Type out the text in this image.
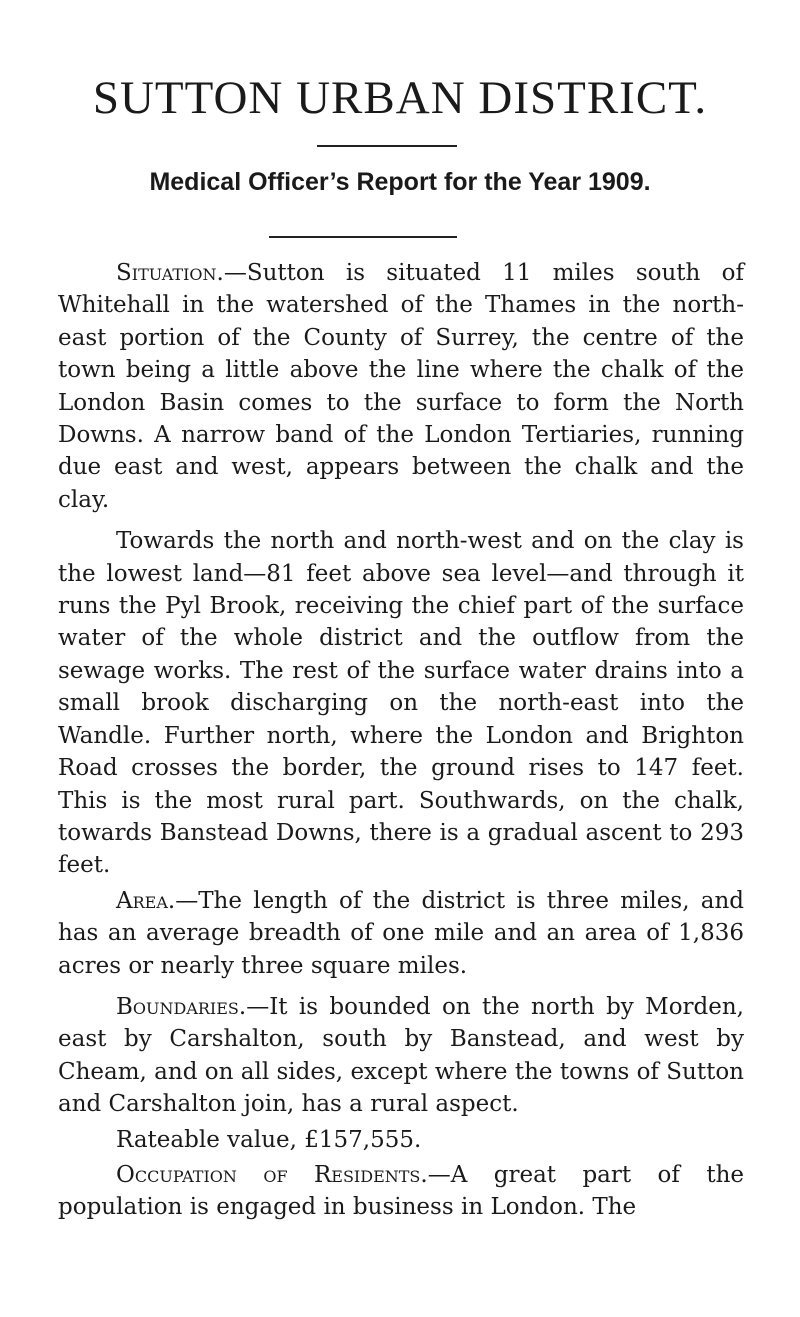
SUTTON URBAN DISTRICT.
Medical Officer’s Report for the Year 1909.

Situation.—Sutton is situated 11 miles south of Whitehall in the watershed of the Thames in the north-east portion of the County of Surrey, the centre of the town being a little above the line where the chalk of the London Basin comes to the surface to form the North Downs. A narrow band of the London Tertiaries, running due east and west, appears between the chalk and the clay.

Towards the north and north-west and on the clay is the lowest land—81 feet above sea level—and through it runs the Pyl Brook, receiving the chief part of the surface water of the whole district and the outflow from the sewage works. The rest of the surface water drains into a small brook discharging on the north-east into the Wandle. Further north, where the London and Brighton Road crosses the border, the ground rises to 147 feet. This is the most rural part. Southwards, on the chalk, towards Banstead Downs, there is a gradual ascent to 293 feet.

Area.—The length of the district is three miles, and has an average breadth of one mile and an area of 1,836 acres or nearly three square miles.

Boundaries.—It is bounded on the north by Morden, east by Carshalton, south by Banstead, and west by Cheam, and on all sides, except where the towns of Sutton and Carshalton join, has a rural aspect.

Rateable value, £157,555.

Occupation of Residents.—A great part of the population is engaged in business in London. The
